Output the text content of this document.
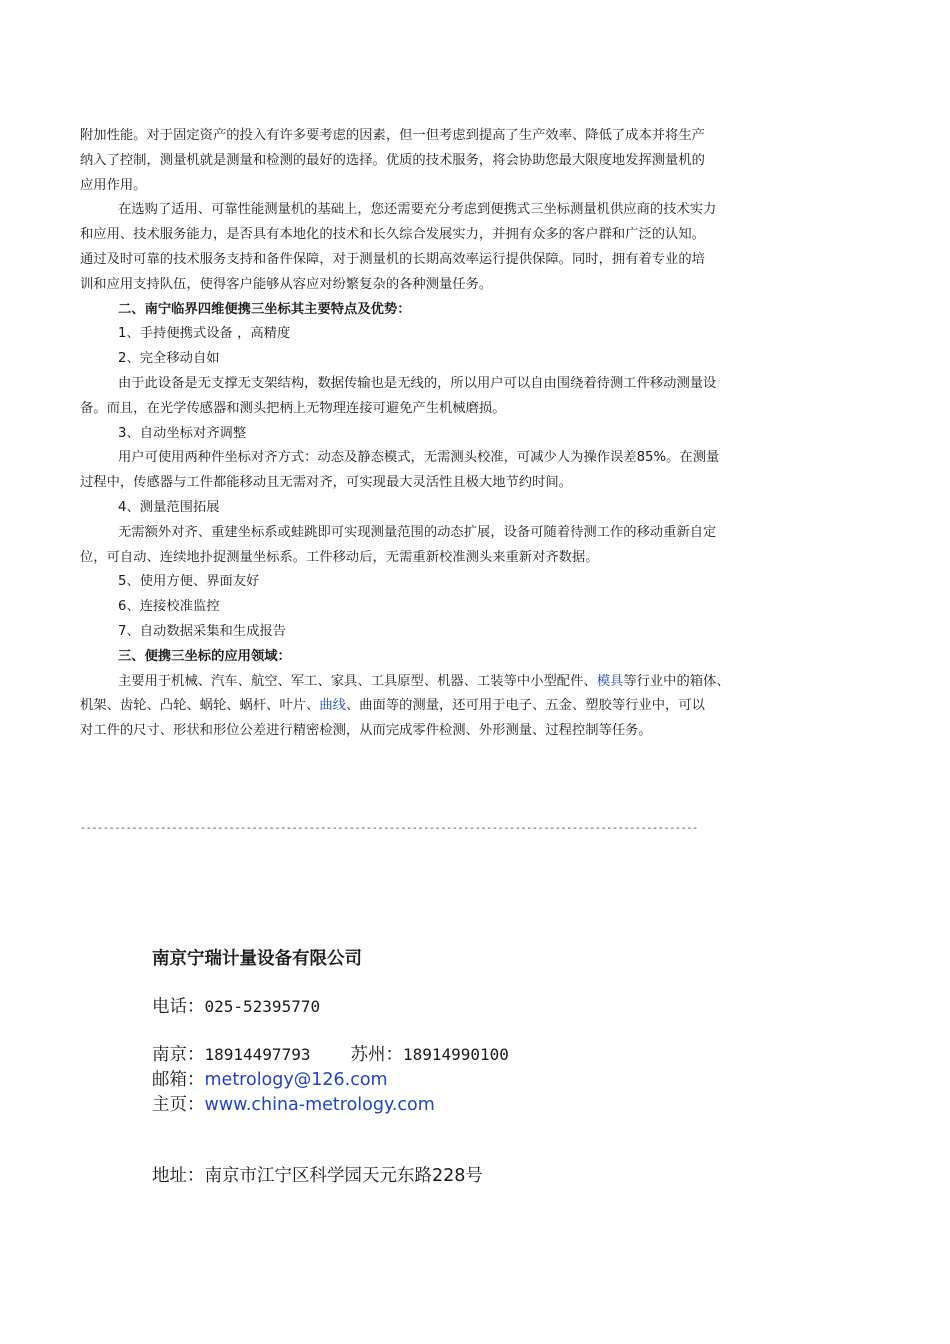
附加性能。对于固定资产的投入有许多要考虑的因素，但一但考虑到提高了生产效率、降低了成本并将生产

纳入了控制，测量机就是测量和检测的最好的选择。优质的技术服务，将会协助您最大限度地发挥测量机的

应用作用。

在选购了适用、可靠性能测量机的基础上，您还需要充分考虑到便携式三坐标测量机供应商的技术实力

和应用、技术服务能力，是否具有本地化的技术和长久综合发展实力，并拥有众多的客户群和广泛的认知。

通过及时可靠的技术服务支持和备件保障，对于测量机的长期高效率运行提供保障。同时，拥有着专业的培

训和应用支持队伍，使得客户能够从容应对纷繁复杂的各种测量任务。

二、南宁临界四维便携三坐标其主要特点及优势：

1、手持便携式设备 ，高精度

2、完全移动自如

由于此设备是无支撑无支架结构，数据传输也是无线的，所以用户可以自由围绕着待测工件移动测量设

备。而且，在光学传感器和测头把柄上无物理连接可避免产生机械磨损。

3、自动坐标对齐调整

用户可使用两种件坐标对齐方式：动态及静态模式，无需测头校准，可减少人为操作误差85%。在测量

过程中，传感器与工件都能移动且无需对齐，可实现最大灵活性且极大地节约时间。

4、测量范围拓展

无需额外对齐、重建坐标系或蛙跳即可实现测量范围的动态扩展，设备可随着待测工作的移动重新自定

位，可自动、连续地扑捉测量坐标系。工件移动后，无需重新校准测头来重新对齐数据。

5、使用方便、界面友好

6、连接校准监控

7、自动数据采集和生成报告

三、便携三坐标的应用领域：

主要用于机械、汽车、航空、军工、家具、工具原型、机器、工装等中小型配件、模具等行业中的箱体、

机架、齿轮、凸轮、蜗轮、蜗杆、叶片、曲线、曲面等的测量，还可用于电子、五金、塑胶等行业中，可以

对工件的尺寸、形状和形位公差进行精密检测，从而完成零件检测、外形测量、过程控制等任务。

------------------------------------------------------------------------------------------------------------

南京宁瑞计量设备有限公司

电话：025-52395770

南京：18914497793 苏州：18914990100

邮箱：metrology@126.com

主页：www.china-metrology.com

地址：南京市江宁区科学园天元东路228号
